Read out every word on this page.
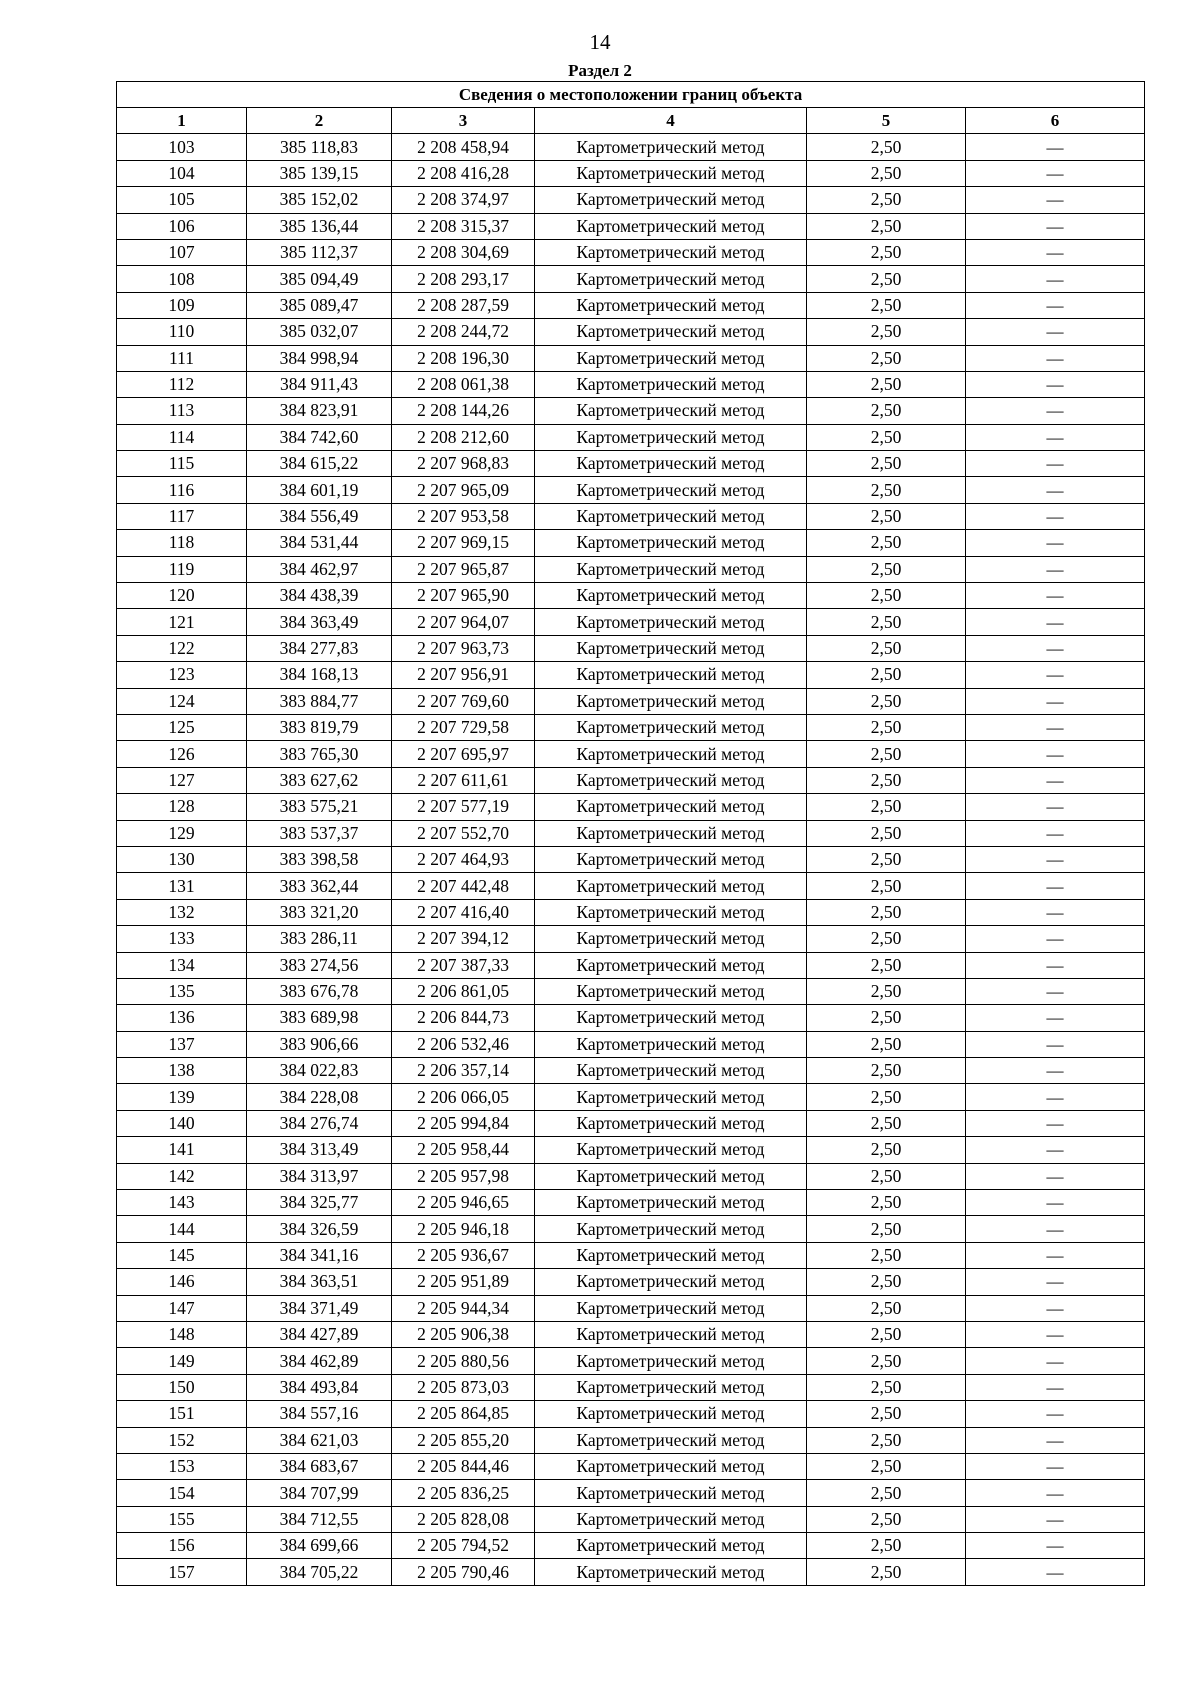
14
Раздел 2
Сведения о местоположении границ объекта					
1	2	3	4	5	6
103	385 118,83	2 208 458,94	Картометрический метод	2,50	—
104	385 139,15	2 208 416,28	Картометрический метод	2,50	—
105	385 152,02	2 208 374,97	Картометрический метод	2,50	—
106	385 136,44	2 208 315,37	Картометрический метод	2,50	—
107	385 112,37	2 208 304,69	Картометрический метод	2,50	—
108	385 094,49	2 208 293,17	Картометрический метод	2,50	—
109	385 089,47	2 208 287,59	Картометрический метод	2,50	—
110	385 032,07	2 208 244,72	Картометрический метод	2,50	—
111	384 998,94	2 208 196,30	Картометрический метод	2,50	—
112	384 911,43	2 208 061,38	Картометрический метод	2,50	—
113	384 823,91	2 208 144,26	Картометрический метод	2,50	—
114	384 742,60	2 208 212,60	Картометрический метод	2,50	—
115	384 615,22	2 207 968,83	Картометрический метод	2,50	—
116	384 601,19	2 207 965,09	Картометрический метод	2,50	—
117	384 556,49	2 207 953,58	Картометрический метод	2,50	—
118	384 531,44	2 207 969,15	Картометрический метод	2,50	—
119	384 462,97	2 207 965,87	Картометрический метод	2,50	—
120	384 438,39	2 207 965,90	Картометрический метод	2,50	—
121	384 363,49	2 207 964,07	Картометрический метод	2,50	—
122	384 277,83	2 207 963,73	Картометрический метод	2,50	—
123	384 168,13	2 207 956,91	Картометрический метод	2,50	—
124	383 884,77	2 207 769,60	Картометрический метод	2,50	—
125	383 819,79	2 207 729,58	Картометрический метод	2,50	—
126	383 765,30	2 207 695,97	Картометрический метод	2,50	—
127	383 627,62	2 207 611,61	Картометрический метод	2,50	—
128	383 575,21	2 207 577,19	Картометрический метод	2,50	—
129	383 537,37	2 207 552,70	Картометрический метод	2,50	—
130	383 398,58	2 207 464,93	Картометрический метод	2,50	—
131	383 362,44	2 207 442,48	Картометрический метод	2,50	—
132	383 321,20	2 207 416,40	Картометрический метод	2,50	—
133	383 286,11	2 207 394,12	Картометрический метод	2,50	—
134	383 274,56	2 207 387,33	Картометрический метод	2,50	—
135	383 676,78	2 206 861,05	Картометрический метод	2,50	—
136	383 689,98	2 206 844,73	Картометрический метод	2,50	—
137	383 906,66	2 206 532,46	Картометрический метод	2,50	—
138	384 022,83	2 206 357,14	Картометрический метод	2,50	—
139	384 228,08	2 206 066,05	Картометрический метод	2,50	—
140	384 276,74	2 205 994,84	Картометрический метод	2,50	—
141	384 313,49	2 205 958,44	Картометрический метод	2,50	—
142	384 313,97	2 205 957,98	Картометрический метод	2,50	—
143	384 325,77	2 205 946,65	Картометрический метод	2,50	—
144	384 326,59	2 205 946,18	Картометрический метод	2,50	—
145	384 341,16	2 205 936,67	Картометрический метод	2,50	—
146	384 363,51	2 205 951,89	Картометрический метод	2,50	—
147	384 371,49	2 205 944,34	Картометрический метод	2,50	—
148	384 427,89	2 205 906,38	Картометрический метод	2,50	—
149	384 462,89	2 205 880,56	Картометрический метод	2,50	—
150	384 493,84	2 205 873,03	Картометрический метод	2,50	—
151	384 557,16	2 205 864,85	Картометрический метод	2,50	—
152	384 621,03	2 205 855,20	Картометрический метод	2,50	—
153	384 683,67	2 205 844,46	Картометрический метод	2,50	—
154	384 707,99	2 205 836,25	Картометрический метод	2,50	—
155	384 712,55	2 205 828,08	Картометрический метод	2,50	—
156	384 699,66	2 205 794,52	Картометрический метод	2,50	—
157	384 705,22	2 205 790,46	Картометрический метод	2,50	—
